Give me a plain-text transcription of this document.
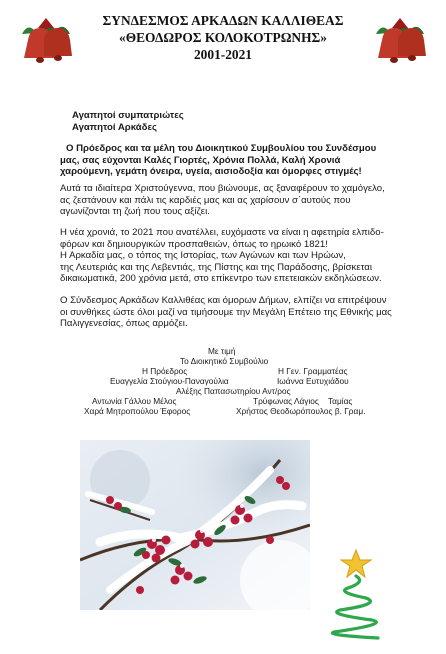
ΣΥΝΔΕΣΜΟΣ ΑΡΚΑΔΩΝ ΚΑΛΛΙΘΕΑΣ
«ΘΕΟΔΩΡΟΣ ΚΟΛΟΚΟΤΡΩΝΗΣ»
2001-2021
Αγαπητοί συμπατριώτες
Αγαπητοί Αρκάδες
Ο Πρόεδρος και τα μέλη του Διοικητικού Συμβουλίου του Συνδέσμου
μας, σας εύχονται Καλές Γιορτές, Χρόνια Πολλά, Καλή Χρονιά
χαρούμενη, γεμάτη όνειρα, υγεία, αισιοδοξία και όμορφες στιγμές!
Αυτά τα ιδιαίτερα Χριστούγεννα, που βιώνουμε, ας ξαναφέρουν το χαμόγελο,
ας ζεστάνουν και πάλι τις καρδιές μας και ας χαρίσουν σ΄αυτούς που
αγωνίζονται τη ζωή που τους αξίζει.
Η νέα χρονιά, το 2021 που ανατέλλει, ευχόμαστε να είναι η αφετηρία ελπιδο-
φόρων και δημιουργικών προσπαθειών, όπως το ηρωικό 1821!
Η Αρκαδία μας, ο τόπος της Ιστορίας, των Αγώνων και των Ηρώων,
της Λευτεριάς και της Λεβεντιάς, της Πίστης και της Παράδοσης, βρίσκεται
δικαιωματικά, 200 χρόνια μετά, στο επίκεντρο των επετειακών εκδηλώσεων.
Ο Σύνδεσμος Αρκάδων Καλλιθέας και όμορων Δήμων, ελπίζει να επιτρέψουν
οι συνθήκες ώστε όλοι μαζί να τιμήσουμε την Μεγάλη Επέτειο της Εθνικής μας
Παλιγγενεσίας, όπως αρμόζει.
Με τιμή
Το Διοικητικό Συμβούλιο
Η Πρόεδρος	Η Γεν. Γραμματέας
Ευαγγελία Στούγιου-Παναγούλια	Ιωάννα Ευτυχιάδου
Αλέξης Παπασωτηρίου Αντ/ρος
Αντωνία Γάλλου Μέλος	Τρύφωνας Λάγιος    Ταμίας
Χαρά Μητροπούλου Έφορος	Χρήστος Θεοδωρόπουλος β. Γραμ.
